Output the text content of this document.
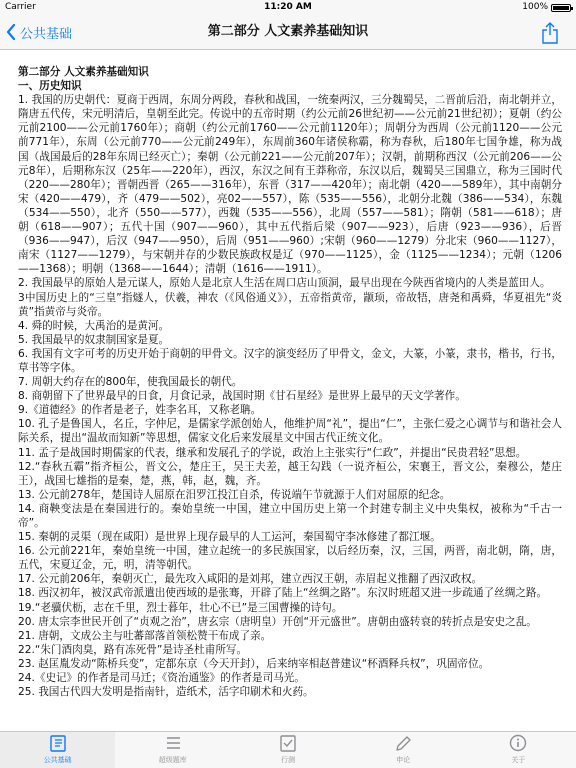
Carrier	11:20 AM	100%
公共基础	第二部分 人文素养基础知识

第二部分 人文素养基础知识

一、历史知识

1. 我国的历史朝代：夏商于西周，东周分两段，春秋和战国，一统秦两汉，三分魏蜀吴，二晋前后沿，南北朝并立，隋唐五代传，宋元明清后，皇朝至此完。传说中的五帝时期（约公元前26世纪初——公元前21世纪初）；夏朝（约公元前2100——公元前1760年）；商朝（约公元前1760——公元前1120年）；周朝分为西周（公元前1120——公元前771年），东周（公元前770——公元前249年），东周前360年诸侯称霸，称为春秋，后180年七国争雄，称为战国（战国最后的28年东周已经灭亡）；秦朝（公元前221——公元前207年）；汉朝，前期称西汉（公元前206——公元8年），后期称东汉（25年——220年），西汉，东汉之间有王莽称帝，东汉以后，魏蜀吴三国鼎立，称为三国时代（220——280年）；晋朝西晋（265——316年），东晋（317——420年）；南北朝（420——589年），其中南朝分宋（420——479），齐（479——502），亮02——557），陈（535——556），北朝分北魏（386——534），东魏（534——550），北齐（550——577），西魏（535——556），北周（557——581）；隋朝（581——618）；唐朝（618——907）；五代十国（907——960），其中五代指后梁（907——923），后唐（923——936），后晋（936——947），后汉（947——950），后周（951——960）;宋朝（960——1279）分北宋（960——1127），南宋（1127——1279），与宋朝并存的少数民族政权是辽（970——1125），金（1125——1234）；元朝（1206——1368）；明朝（1368——1644）；清朝（1616——1911）。

2. 我国最早的原始人是元谋人，原始人是北京人生活在周口店山顶洞，最早出现在今陕西省境内的人类是蓝田人。

3中国历史上的“三皇”指燧人，伏羲，神农（《风俗通义》），五帝指黄帝，颛顼，帝故牾，唐尧和禹舜，华夏祖先“炎黄”指黄帝与炎帝。

4. 舜的时候，大禹治的是黄河。

5. 我国最早的奴隶制国家是夏。

6. 我国有文字可考的历史开始于商朝的甲骨文。汉字的演变经历了甲骨文，金文，大篆，小篆，隶书，楷书，行书，草书等字体。

7. 周朝大约存在的800年，使我国最长的朝代。

8. 商朝留下了世界最早的日食，月食记录，战国时期《甘石星经》是世界上最早的天文学著作。

9.《道德经》的作者是老子，姓李名耳，又称老聃。

10. 孔子是鲁国人，名丘，字仲尼，是儒家学派创始人，他维护周“礼”，提出“仁”，主张仁爱之心调节与和谐社会人际关系，提出“温故而知新”等思想，儒家文化后来发展星文中国古代正统文化。

11. 孟子是战国时期儒家的代表，继承和发展孔子的学说，政治上主张实行“仁政”，并提出“民贵君轻”思想。

12.“春秋五霸”指齐桓公，晋文公，楚庄王，吴王夫差，越王勾践（一说齐桓公，宋襄王，晋文公，秦穆公，楚庄王），战国七雄指的是秦，楚，燕，韩，赵，魏，齐。

13. 公元前278年，楚国诗人屈原在汨罗江投江自杀，传说端午节就源于人们对屈原的纪念。

14. 商鞅变法是在秦国进行的。秦始皇统一中国，建立中国历史上第一个封建专制主义中央集权，被称为“千古一帝”。

15. 秦朝的灵渠（现在咸阳）是世界上现存最早的人工运河，秦国蜀守李冰修建了都江堰。

16. 公元前221年，秦始皇统一中国，建立起统一的多民族国家，以后经历秦，汉，三国，两晋，南北朝，隋，唐，五代，宋夏辽金，元，明，清等朝代。

17. 公元前206年，秦朝灭亡，最先攻入咸阳的是刘邦，建立西汉王朝，赤眉起义推翻了西汉政权。

18. 西汉初年，被汉武帝派遣出使西域的是张骞，开辟了陆上“丝绸之路”。东汉时班超又进一步疏通了丝绸之路。

19.“老骥伏枥，志在千里，烈士暮年，壮心不已”是三国曹操的诗句。

20. 唐太宗李世民开创了“贞观之治”，唐玄宗（唐明皇）开创“开元盛世”。唐朝由盛转衰的转折点是安史之乱。

21. 唐朝，文成公主与吐蕃部落首领松赞干布成了亲。

22.“朱门酒肉臭，路有冻死骨”是诗圣杜甫所写。

23. 赵匡胤发动“陈桥兵变”，定都东京（今天开封），后来纳宰相赵普建议“杯酒释兵权”，巩固帝位。

24.《史记》的作者是司马迁；《资治通鉴》的作者是司马光。

25. 我国古代四大发明是指南针，造纸术，活字印刷术和火药。

公共基础	超级题库	行测	申论	关于
